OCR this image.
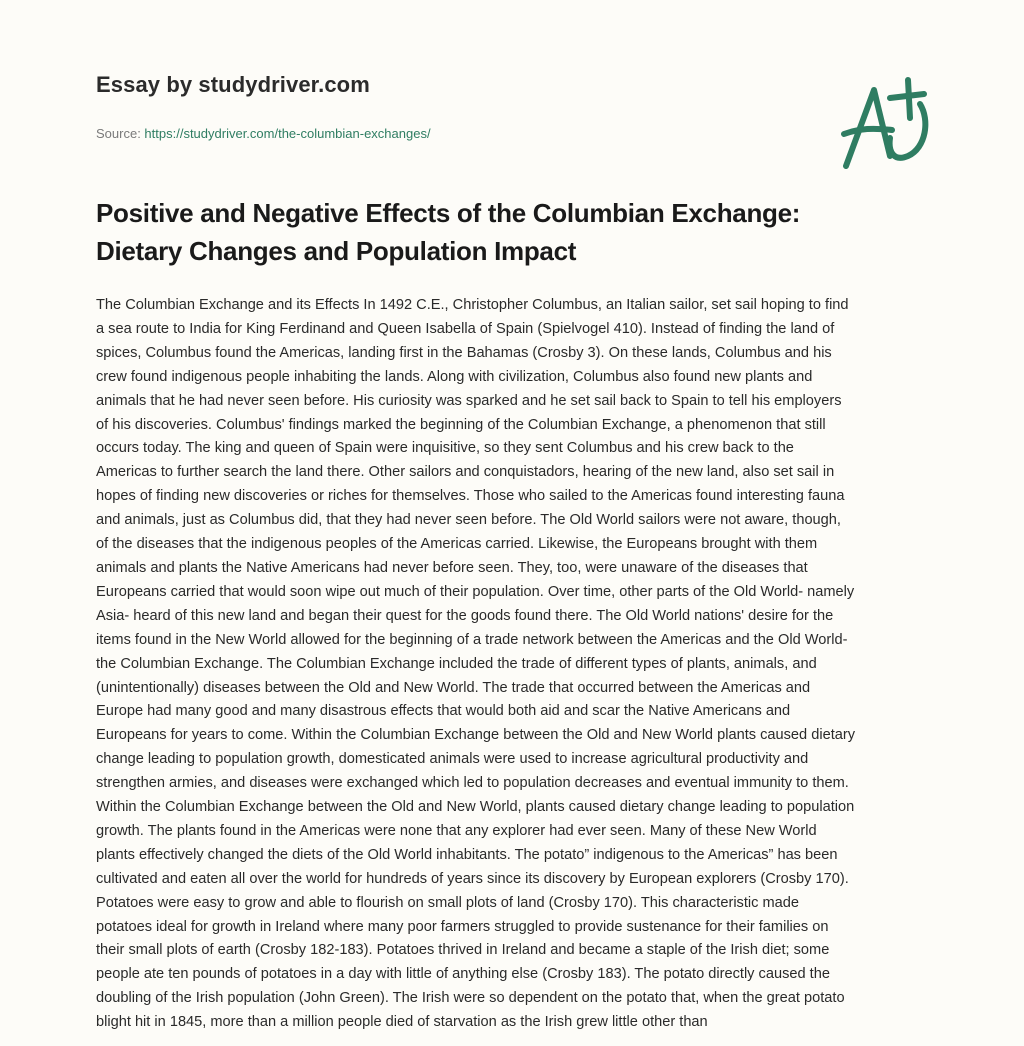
Essay by studydriver.com
Source: https://studydriver.com/the-columbian-exchanges/
Positive and Negative Effects of the Columbian Exchange:
Dietary Changes and Population Impact

The Columbian Exchange and its Effects In 1492 C.E., Christopher Columbus, an Italian sailor, set sail hoping to find
a sea route to India for King Ferdinand and Queen Isabella of Spain (Spielvogel 410). Instead of finding the land of
spices, Columbus found the Americas, landing first in the Bahamas (Crosby 3). On these lands, Columbus and his
crew found indigenous people inhabiting the lands. Along with civilization, Columbus also found new plants and
animals that he had never seen before. His curiosity was sparked and he set sail back to Spain to tell his employers
of his discoveries. Columbus' findings marked the beginning of the Columbian Exchange, a phenomenon that still
occurs today. The king and queen of Spain were inquisitive, so they sent Columbus and his crew back to the
Americas to further search the land there. Other sailors and conquistadors, hearing of the new land, also set sail in
hopes of finding new discoveries or riches for themselves. Those who sailed to the Americas found interesting fauna
and animals, just as Columbus did, that they had never seen before. The Old World sailors were not aware, though,
of the diseases that the indigenous peoples of the Americas carried. Likewise, the Europeans brought with them
animals and plants the Native Americans had never before seen. They, too, were unaware of the diseases that
Europeans carried that would soon wipe out much of their population. Over time, other parts of the Old World- namely
Asia- heard of this new land and began their quest for the goods found there. The Old World nations' desire for the
items found in the New World allowed for the beginning of a trade network between the Americas and the Old World-
the Columbian Exchange. The Columbian Exchange included the trade of different types of plants, animals, and
(unintentionally) diseases between the Old and New World. The trade that occurred between the Americas and
Europe had many good and many disastrous effects that would both aid and scar the Native Americans and
Europeans for years to come. Within the Columbian Exchange between the Old and New World plants caused dietary
change leading to population growth, domesticated animals were used to increase agricultural productivity and
strengthen armies, and diseases were exchanged which led to population decreases and eventual immunity to them.
Within the Columbian Exchange between the Old and New World, plants caused dietary change leading to population
growth. The plants found in the Americas were none that any explorer had ever seen. Many of these New World
plants effectively changed the diets of the Old World inhabitants. The potato” indigenous to the Americas” has been
cultivated and eaten all over the world for hundreds of years since its discovery by European explorers (Crosby 170).
Potatoes were easy to grow and able to flourish on small plots of land (Crosby 170). This characteristic made
potatoes ideal for growth in Ireland where many poor farmers struggled to provide sustenance for their families on
their small plots of earth (Crosby 182-183). Potatoes thrived in Ireland and became a staple of the Irish diet; some
people ate ten pounds of potatoes in a day with little of anything else (Crosby 183). The potato directly caused the
doubling of the Irish population (John Green). The Irish were so dependent on the potato that, when the great potato
blight hit in 1845, more than a million people died of starvation as the Irish grew little other than
